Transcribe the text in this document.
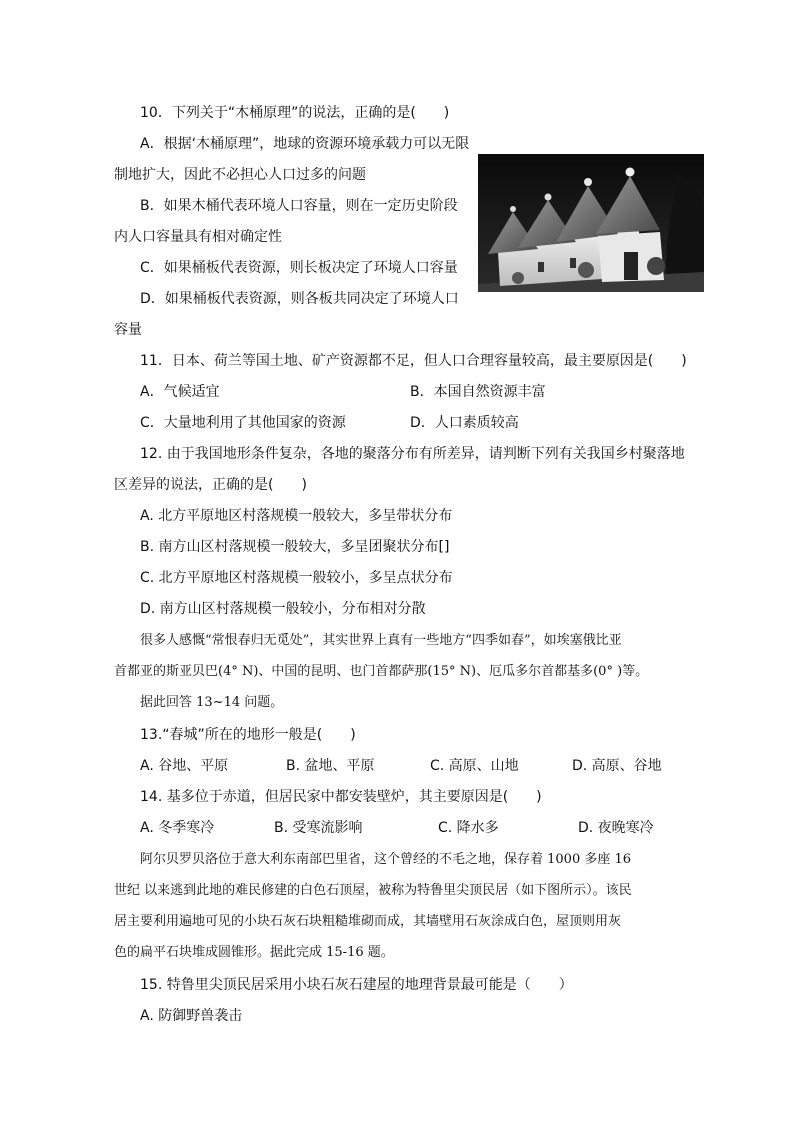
10．下列关于“木桶原理”的说法，正确的是(　　)
A．根据‘木桶原理”，地球的资源环境承载力可以无限
制地扩大，因此不必担心人口过多的问题
B．如果木桶代表环境人口容量，则在一定历史阶段
内人口容量具有相对确定性
C．如果桶板代表资源，则长板决定了环境人口容量
D．如果桶板代表资源，则各板共同决定了环境人口
容量
11．日本、荷兰等国土地、矿产资源都不足，但人口合理容量较高，最主要原因是(　　)
A．气候适宜	B．本国自然资源丰富
C．大量地利用了其他国家的资源	D．人口素质较高
12. 由于我国地形条件复杂，各地的聚落分布有所差异，请判断下列有关我国乡村聚落地
区差异的说法，正确的是(　　)
A. 北方平原地区村落规模一般较大，多呈带状分布
B. 南方山区村落规模一般较大，多呈团聚状分布[]
C. 北方平原地区村落规模一般较小，多呈点状分布
D. 南方山区村落规模一般较小，分布相对分散
很多人感慨“常恨春归无觅处”，其实世界上真有一些地方“四季如春”，如埃塞俄比亚
首都亚的斯亚贝巴(4° N)、中国的昆明、也门首都萨那(15° N)、厄瓜多尔首都基多(0° )等。
据此回答 13~14 问题。
13.“春城”所在的地形一般是(　　)
A. 谷地、平原	B. 盆地、平原	C. 高原、山地	D. 高原、谷地
14. 基多位于赤道，但居民家中都安装壁炉，其主要原因是(　　)
A. 冬季寒冷	B. 受寒流影响	C. 降水多	D. 夜晚寒冷
阿尔贝罗贝洛位于意大利东南部巴里省，这个曾经的不毛之地，保存着 1000 多座 16
世纪 以来逃到此地的难民修建的白色石顶屋，被称为特鲁里尖顶民居（如下图所示）。该民
居主要利用遍地可见的小块石灰石块粗糙堆砌而成，其墙壁用石灰涂成白色，屋顶则用灰
色的扁平石块堆成圆锥形。据此完成 15-16 题。
15. 特鲁里尖顶民居采用小块石灰石建屋的地理背景最可能是（　　）
A. 防御野兽袭击
